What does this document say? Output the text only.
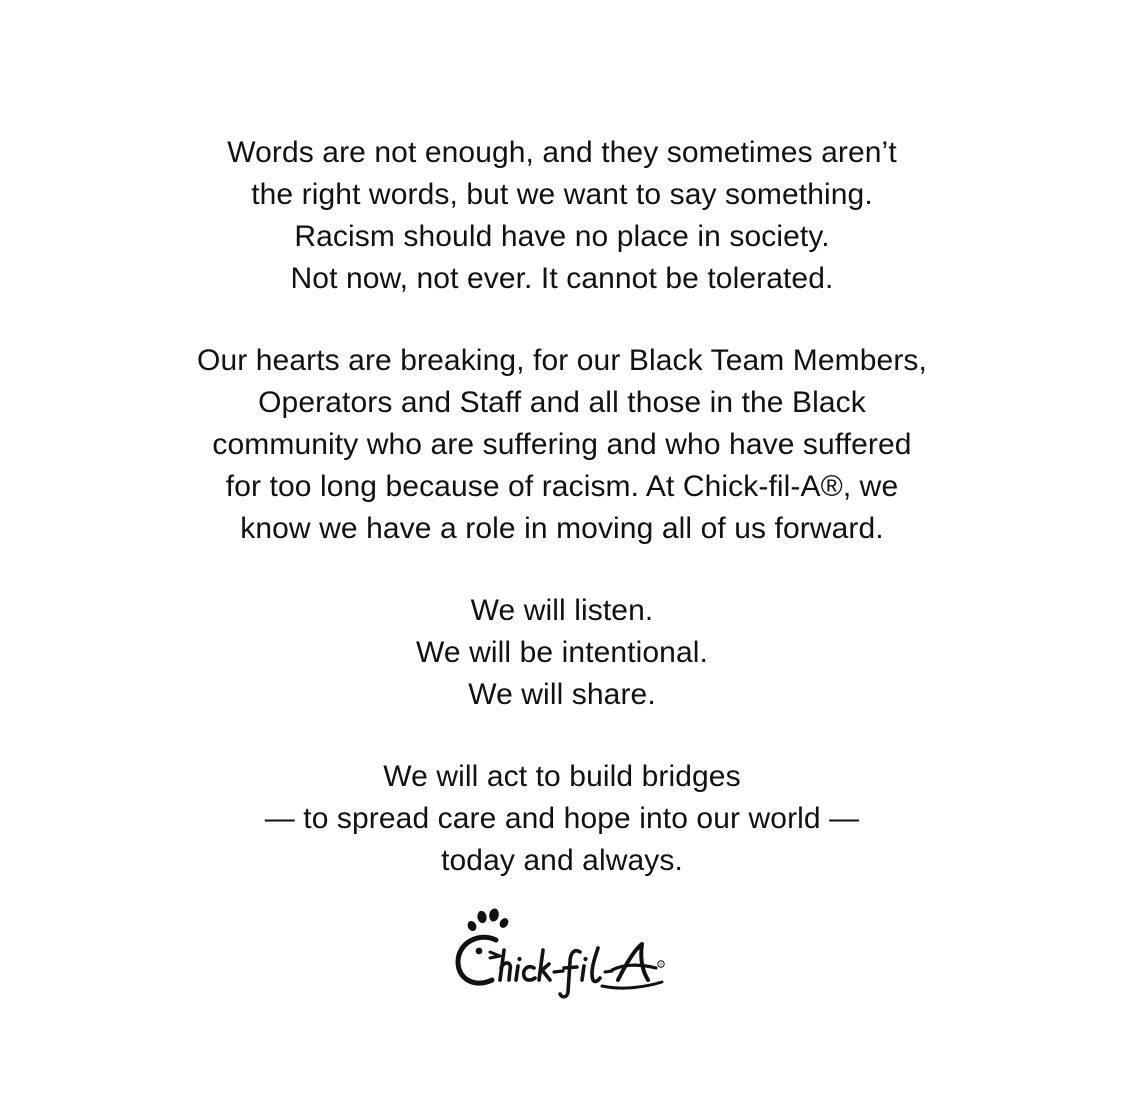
Words are not enough, and they sometimes aren’t
the right words, but we want to say something.
Racism should have no place in society.
Not now, not ever. It cannot be tolerated.

Our hearts are breaking, for our Black Team Members,
Operators and Staff and all those in the Black
community who are suffering and who have suffered
for too long because of racism. At Chick-fil-A®, we
know we have a role in moving all of us forward.

We will listen.
We will be intentional.
We will share.

We will act to build bridges
— to spread care and hope into our world —
today and always.

®
